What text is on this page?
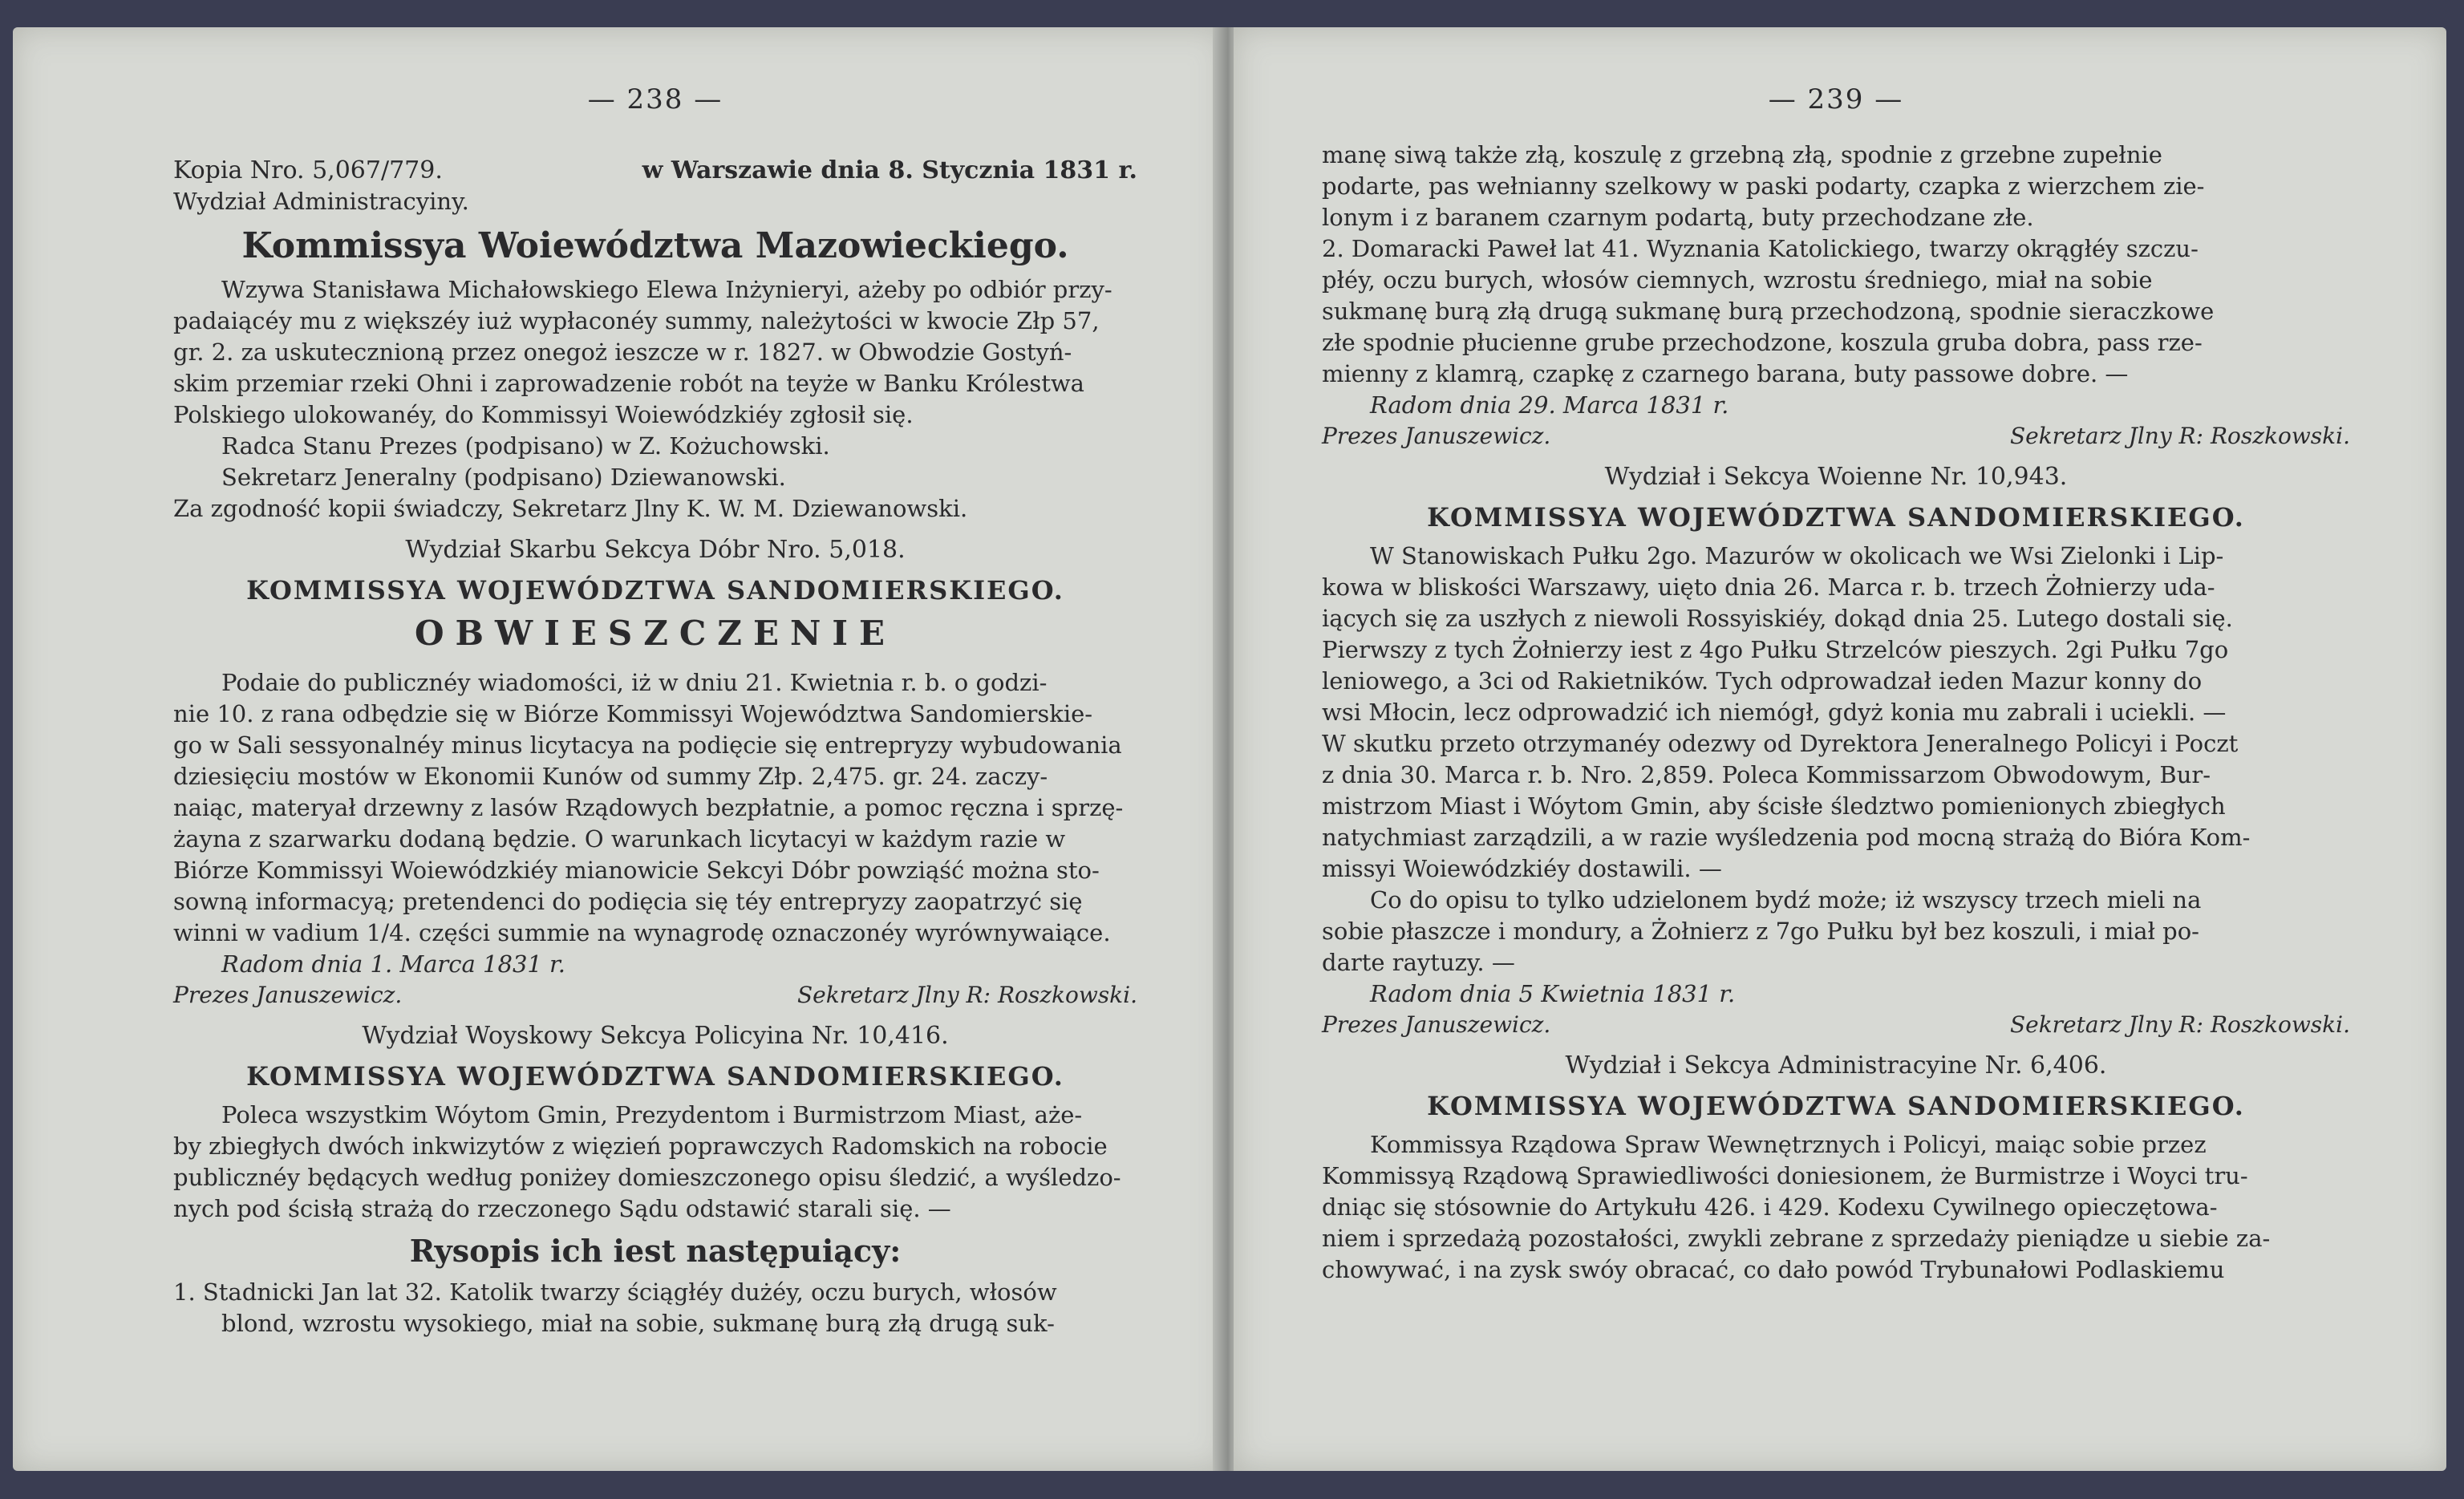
— 238 —
Kopia Nro. 5,067/779.	w Warszawie dnia 8. Stycznia 1831 r.

Wydział Administracyiny.

Kommissya Woiewództwa Mazowieckiego.

Wzywa Stanisława Michałowskiego Elewa Inżynieryi, ażeby po odbiór przy-

padaiącéy mu z większéy iuż wypłaconéy summy, należytości w kwocie Złp 57,

gr. 2. za uskutecznioną przez onegoż ieszcze w r. 1827. w Obwodzie Gostyń-

skim przemiar rzeki Ohni i zaprowadzenie robót na teyże w Banku Królestwa

Polskiego ulokowanéy, do Kommissyi Woiewódzkiéy zgłosił się.

Radca Stanu Prezes (podpisano) w Z. Kożuchowski.

Sekretarz Jeneralny (podpisano) Dziewanowski.

Za zgodność kopii świadczy, Sekretarz Jlny K. W. M. Dziewanowski.

Wydział Skarbu Sekcya Dóbr Nro. 5,018.
KOMMISSYA WOJEWÓDZTWA SANDOMIERSKIEGO.
OBWIESZCZENIE

Podaie do publicznéy wiadomości, iż w dniu 21. Kwietnia r. b. o godzi-

nie 10. z rana odbędzie się w Biórze Kommissyi Województwa Sandomierskie-

go w Sali sessyonalnéy minus licytacya na podięcie się entrepryzy wybudowania

dziesięciu mostów w Ekonomii Kunów od summy Złp. 2,475. gr. 24. zaczy-

naiąc, materyał drzewny z lasów Rządowych bezpłatnie, a pomoc ręczna i sprzę-

żayna z szarwarku dodaną będzie. O warunkach licytacyi w każdym razie w

Biórze Kommissyi Woiewódzkiéy mianowicie Sekcyi Dóbr powziąść można sto-

sowną informacyą; pretendenci do podięcia się téy entrepryzy zaopatrzyć się

winni w vadium 1/4. części summie na wynagrodę oznaczonéy wyrównywaiące.

Radom dnia 1. Marca 1831 r.

Prezes Januszewicz.	Sekretarz Jlny R: Roszkowski.
Wydział Woyskowy Sekcya Policyina Nr. 10,416.
KOMMISSYA WOJEWÓDZTWA SANDOMIERSKIEGO.

Poleca wszystkim Wóytom Gmin, Prezydentom i Burmistrzom Miast, aże-

by zbiegłych dwóch inkwizytów z więzień poprawczych Radomskich na robocie

publicznéy będących według poniżey domieszczonego opisu śledzić, a wyśledzo-

nych pod ścisłą strażą do rzeczonego Sądu odstawić starali się. —

Rysopis ich iest następuiący:

1. Stadnicki Jan lat 32. Katolik twarzy ściągłéy dużéy, oczu burych, włosów

blond, wzrostu wysokiego, miał na sobie, sukmanę burą złą drugą suk-

— 239 —

manę siwą także złą, koszulę z grzebną złą, spodnie z grzebne zupełnie

podarte, pas wełnianny szelkowy w paski podarty, czapka z wierzchem zie-

lonym i z baranem czarnym podartą, buty przechodzane złe.

2. Domaracki Paweł lat 41. Wyznania Katolickiego, twarzy okrągłéy szczu-

płéy, oczu burych, włosów ciemnych, wzrostu średniego, miał na sobie

sukmanę burą złą drugą sukmanę burą przechodzoną, spodnie sieraczkowe

złe spodnie płucienne grube przechodzone, koszula gruba dobra, pass rze-

mienny z klamrą, czapkę z czarnego barana, buty passowe dobre. —

Radom dnia 29. Marca 1831 r.

Prezes Januszewicz.	Sekretarz Jlny R: Roszkowski.
Wydział i Sekcya Woienne Nr. 10,943.
KOMMISSYA WOJEWÓDZTWA SANDOMIERSKIEGO.

W Stanowiskach Pułku 2go. Mazurów w okolicach we Wsi Zielonki i Lip-

kowa w bliskości Warszawy, uięto dnia 26. Marca r. b. trzech Żołnierzy uda-

iących się za uszłych z niewoli Rossyiskiéy, dokąd dnia 25. Lutego dostali się.

Pierwszy z tych Żołnierzy iest z 4go Pułku Strzelców pieszych. 2gi Pułku 7go

leniowego, a 3ci od Rakietników. Tych odprowadzał ieden Mazur konny do

wsi Młocin, lecz odprowadzić ich niemógł, gdyż konia mu zabrali i uciekli. —

W skutku przeto otrzymanéy odezwy od Dyrektora Jeneralnego Policyi i Poczt

z dnia 30. Marca r. b. Nro. 2,859. Poleca Kommissarzom Obwodowym, Bur-

mistrzom Miast i Wóytom Gmin, aby ścisłe śledztwo pomienionych zbiegłych

natychmiast zarządzili, a w razie wyśledzenia pod mocną strażą do Bióra Kom-

missyi Woiewódzkiéy dostawili. —

Co do opisu to tylko udzielonem bydź może; iż wszyscy trzech mieli na

sobie płaszcze i mondury, a Żołnierz z 7go Pułku był bez koszuli, i miał po-

darte raytuzy. —

Radom dnia 5 Kwietnia 1831 r.

Prezes Januszewicz.	Sekretarz Jlny R: Roszkowski.
Wydział i Sekcya Administracyine Nr. 6,406.
KOMMISSYA WOJEWÓDZTWA SANDOMIERSKIEGO.

Kommissya Rządowa Spraw Wewnętrznych i Policyi, maiąc sobie przez

Kommissyą Rządową Sprawiedliwości doniesionem, że Burmistrze i Woyci tru-

dniąc się stósownie do Artykułu 426. i 429. Kodexu Cywilnego opieczętowa-

niem i sprzedażą pozostałości, zwykli zebrane z sprzedaży pieniądze u siebie za-

chowywać, i na zysk swóy obracać, co dało powód Trybunałowi Podlaskiemu
